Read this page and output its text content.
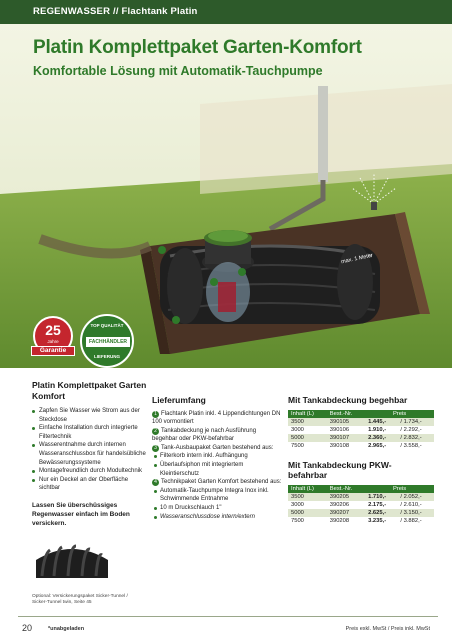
REGENWASSER // Flachtank Platin
max. 1 Meter
Platin Komplettpaket Garten-Komfort
Komfortable Lösung mit Automatik-Tauchpumpe
25
Jahre
Garantie
TOP QUALITÄT
FACHHÄNDLER
LIEFERUNG
Platin Komplettpaket Garten Komfort
Zapfen Sie Wasser wie Strom aus der Steckdose
Einfache Installation durch integrierte Filtertechnik
Wasserentnahme durch internen Wasseranschlussbox für handelsübliche Bewässerungssysteme
Montagefreundlich durch Modultechnik
Nur ein Deckel an der Oberfläche sichtbar
Lassen Sie überschüssiges Regenwasser einfach im Boden versickern.
Optional: Versickerungspaket Sicker-Tunnel / Sicker-Tunnel twin, Seite 45
Lieferumfang
1 Flachtank Platin inkl. 4 Lippendichtungen DN 100 vormontiert
2 Tankabdeckung je nach Ausführung begehbar oder PKW-befahrbar
3 Tank-Ausbaupaket Garten bestehend aus:
Filterkorb intern inkl. Aufhängung
Überlaufsiphon mit integriertem Kleintierschutz
4 Technikpaket Garten Komfort bestehend aus:
Automatik-Tauchpumpe Integra Inox inkl. Schwimmende Entnahme
10 m Druckschlauch 1"
Wasseranschlussdose intern/extern
Mit Tankabdeckung begehbar
Inhalt (L)	Best.-Nr.	Preis	
3500	390105	1.445,-	/ 1.734,-
3000	390106	1.910,-	/ 2.292,-
5000	390107	2.360,-	/ 2.832,-
7500	390108	2.965,-	/ 3.558,-
Mit Tankabdeckung PKW-befahrbar
Inhalt (L)	Best.-Nr.	Preis	
3500	390205	1.710,-	/ 2.052,-
3000	390206	2.175,-	/ 2.610,-
5000	390207	2.625,-	/ 3.150,-
7500	390208	3.235,-	/ 3.882,-
20	*unabgeladen	Preis exkl. MwSt / Preis inkl. MwSt
